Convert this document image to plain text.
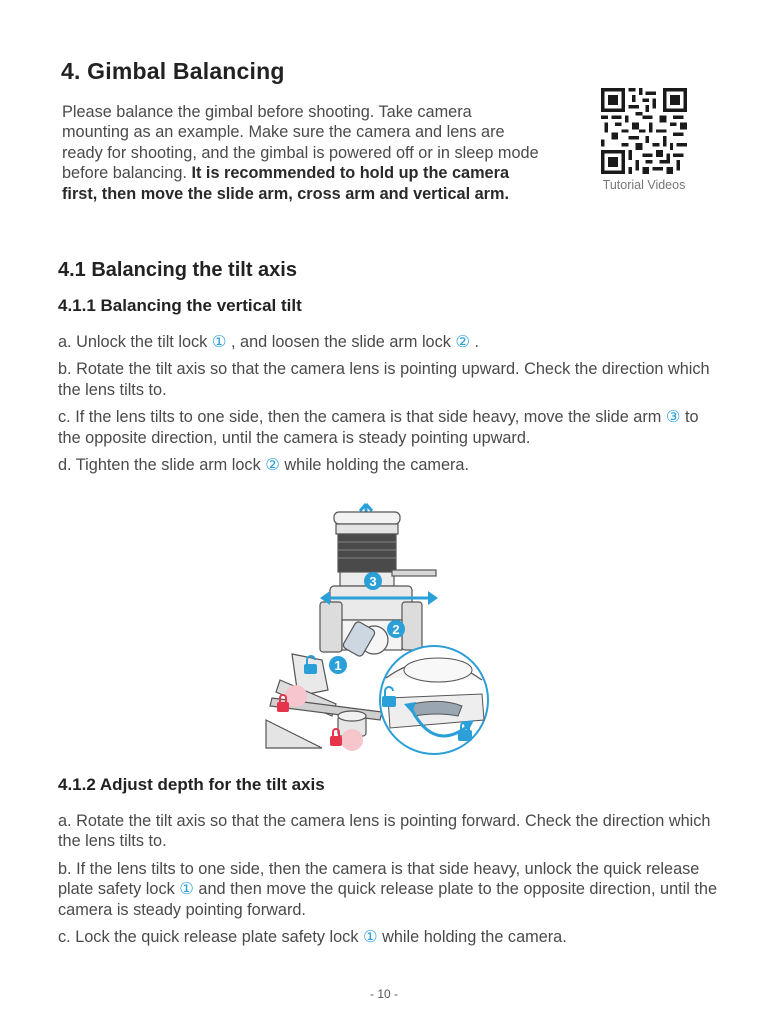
4. Gimbal Balancing
Please balance the gimbal before shooting. Take camera mounting as an example. Make sure the camera and lens are ready for shooting, and the gimbal is powered off or in sleep mode before balancing. It is recommended to hold up the camera first, then move the slide arm, cross arm and vertical arm.	Tutorial Videos
4.1 Balancing the tilt axis
4.1.1 Balancing the vertical tilt

a. Unlock the tilt lock ① , and loosen the slide arm lock ② .

b. Rotate the tilt axis so that the camera lens is pointing upward. Check the direction which the lens tilts to.

c. If the lens tilts to one side, then the camera is that side heavy, move the slide arm ③ to the opposite direction, until the camera is steady pointing upward.

d. Tighten the slide arm lock ② while holding the camera.

3
2
1
4.1.2 Adjust depth for the tilt axis

a. Rotate the tilt axis so that the camera lens is pointing forward. Check the direction which the lens tilts to.

b. If the lens tilts to one side, then the camera is that side heavy, unlock the quick release plate safety lock ① and then move the quick release plate to the opposite direction, until the camera is steady pointing forward.

c. Lock the quick release plate safety lock ① while holding the camera.

- 10 -
